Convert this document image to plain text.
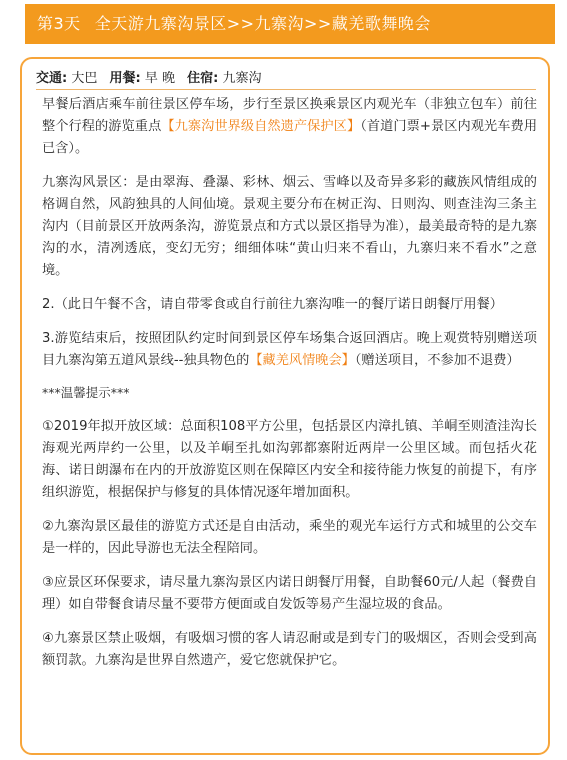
第3天 全天游九寨沟景区>>九寨沟>>藏羌歌舞晚会
交通: 大巴 用餐: 早 晚 住宿: 九寨沟

早餐后酒店乘车前往景区停车场，步行至景区换乘景区内观光车（非独立包车）前往整个行程的游览重点【九寨沟世界级自然遗产保护区】（首道门票+景区内观光车费用已含）。

九寨沟风景区：是由翠海、叠瀑、彩林、烟云、雪峰以及奇异多彩的藏族风情组成的格调自然，风韵独具的人间仙境。景观主要分布在树正沟、日则沟、则查洼沟三条主沟内（目前景区开放两条沟，游览景点和方式以景区指导为准），最美最奇特的是九寨沟的水，清冽透底，变幻无穷；细细体味“黄山归来不看山，九寨归来不看水”之意境。

2.（此日午餐不含，请自带零食或自行前往九寨沟唯一的餐厅诺日朗餐厅用餐）

3.游览结束后，按照团队约定时间到景区停车场集合返回酒店。晚上观赏特别赠送项目九寨沟第五道风景线--独具物色的【藏羌风情晚会】（赠送项目，不参加不退费）

***温馨提示***

①2019年拟开放区域：总面积108平方公里，包括景区内漳扎镇、羊峒至则渣洼沟长海观光两岸约一公里，以及羊峒至扎如沟郭都寨附近两岸一公里区域。而包括火花海、诺日朗瀑布在内的开放游览区则在保障区内安全和接待能力恢复的前提下，有序组织游览，根据保护与修复的具体情况逐年增加面积。

②九寨沟景区最佳的游览方式还是自由活动，乘坐的观光车运行方式和城里的公交车是一样的，因此导游也无法全程陪同。

③应景区环保要求，请尽量九寨沟景区内诺日朗餐厅用餐，自助餐60元/人起（餐费自理）如自带餐食请尽量不要带方便面或自发饭等易产生湿垃圾的食品。

④九寨景区禁止吸烟，有吸烟习惯的客人请忍耐或是到专门的吸烟区，否则会受到高额罚款。九寨沟是世界自然遗产，爱它您就保护它。
